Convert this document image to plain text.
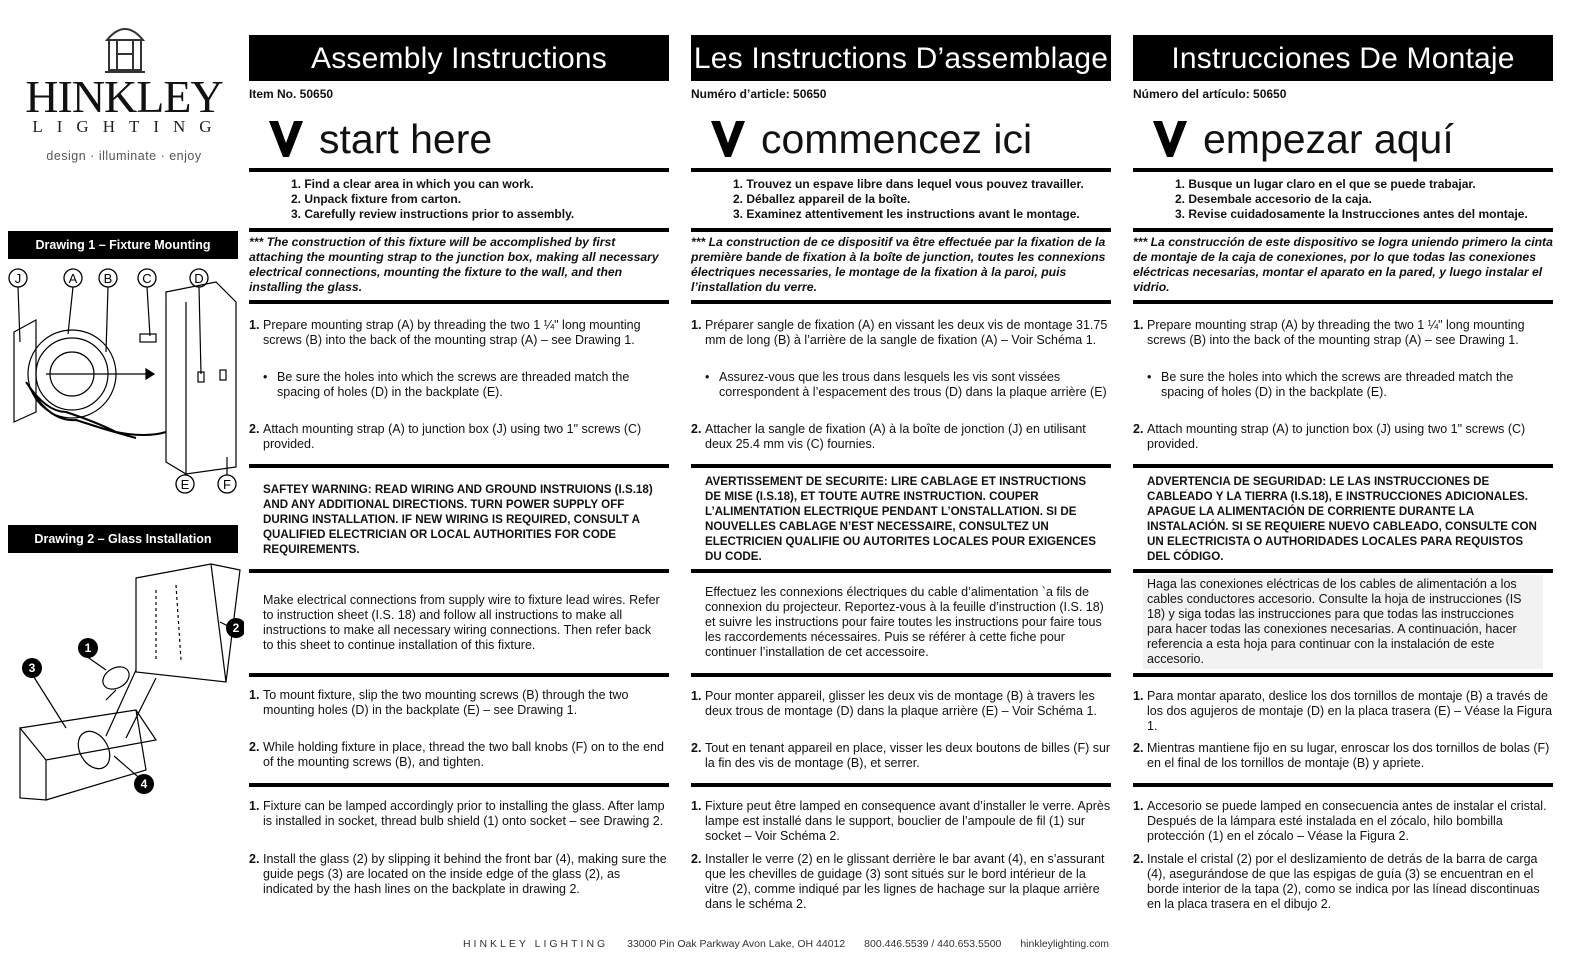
HINKLEY
LIGHTING
design · illuminate · enjoy
Drawing 1 – Fixture Mounting
J	A B C	D
E	F
Drawing 2 – Glass Installation
1
2
3
4
Assembly Instructions
Item No. 50650
start here
1. Find a clear area in which you can work.
2. Unpack fixture from carton.
3. Carefully review instructions prior to assembly.
*** The construction of this fixture will be accomplished by first attaching the mounting strap to the junction box, making all necessary electrical connections, mounting the fixture to the wall, and then installing the glass.
1. Prepare mounting strap (A) by threading the two 1 ¼" long mounting screws (B) into the back of the mounting strap (A) – see Drawing 1.
• Be sure the holes into which the screws are threaded match the spacing of holes (D) in the backplate (E).
2. Attach mounting strap (A) to junction box (J) using two 1" screws (C) provided.
SAFTEY WARNING: READ WIRING AND GROUND INSTRUIONS (I.S.18) AND ANY ADDITIONAL DIRECTIONS. TURN POWER SUPPLY OFF DURING INSTALLATION. IF NEW WIRING IS REQUIRED, CONSULT A QUALIFIED ELECTRICIAN OR LOCAL AUTHORITIES FOR CODE REQUIREMENTS.
Make electrical connections from supply wire to fixture lead wires. Refer to instruction sheet (I.S. 18) and follow all instructions to make all instructions to make all necessary wiring connections. Then refer back to this sheet to continue installation of this fixture.
1. To mount fixture, slip the two mounting screws (B) through the two mounting holes (D) in the backplate (E) – see Drawing 1.
2. While holding fixture in place, thread the two ball knobs (F) on to the end of the mounting screws (B), and tighten.
1. Fixture can be lamped accordingly prior to installing the glass. After lamp is installed in socket, thread bulb shield (1) onto socket – see Drawing 2.
2. Install the glass (2) by slipping it behind the front bar (4), making sure the guide pegs (3) are located on the inside edge of the glass (2), as indicated by the hash lines on the backplate in drawing 2.
Les Instructions D’assemblage
Numéro d’article: 50650
commencez ici
1. Trouvez un espave libre dans lequel vous pouvez travailler.
2. Déballez appareil de la boîte.
3. Examinez attentivement les instructions avant le montage.
*** La construction de ce dispositif va être effectuée par la fixation de la première bande de fixation à la boîte de junction, toutes les connexions électriques necessaries, le montage de la fixation à la paroi, puis l’installation du verre.
1. Préparer sangle de fixation (A) en vissant les deux vis de montage 31.75 mm de long (B) à l’arrière de la sangle de fixation (A) – Voir Schéma 1.
• Assurez-vous que les trous dans lesquels les vis sont vissées correspondent à l’espacement des trous (D) dans la plaque arrière (E)
2. Attacher la sangle de fixation (A) à la boîte de jonction (J) en utilisant deux 25.4 mm vis (C) fournies.
AVERTISSEMENT DE SECURITE: LIRE CABLAGE ET INSTRUCTIONS DE MISE (I.S.18), ET TOUTE AUTRE INSTRUCTION. COUPER L’ALIMENTATION ELECTRIQUE PENDANT L’ONSTALLATION. SI DE NOUVELLES CABLAGE N’EST NECESSAIRE, CONSULTEZ UN ELECTRICIEN QUALIFIE OU AUTORITES LOCALES POUR EXIGENCES DU CODE.
Effectuez les connexions électriques du cable d’alimentation `a fils de connexion du projecteur. Reportez-vous à la feuille d’instruction (I.S. 18) et suivre les instructions pour faire toutes les instructions pour faire tous les raccordements nécessaires. Puis se référer à cette fiche pour continuer l’installation de cet accessoire.
1. Pour monter appareil, glisser les deux vis de montage (B) à travers les deux trous de montage (D) dans la plaque arrière (E) – Voir Schéma 1.
2. Tout en tenant appareil en place, visser les deux boutons de billes (F) sur la fin des vis de montage (B), et serrer.
1. Fixture peut être lamped en consequence avant d’installer le verre. Après lampe est installé dans le support, bouclier de l’ampoule de fil (1) sur socket – Voir Schéma 2.
2. Installer le verre (2) en le glissant derrière le bar avant (4), en s’assurant que les chevilles de guidage (3) sont situés sur le bord intérieur de la vitre (2), comme indiqué par les lignes de hachage sur la plaque arrière dans le schéma 2.
Instrucciones De Montaje
Número del artículo: 50650
empezar aquí
1. Busque un lugar claro en el que se puede trabajar.
2. Desembale accesorio de la caja.
3. Revise cuidadosamente la Instrucciones antes del montaje.
*** La construcción de este dispositivo se logra uniendo primero la cinta de montaje de la caja de conexiones, por lo que todas las conexiones eléctricas necesarias, montar el aparato en la pared, y luego instalar el vidrio.
1. Prepare mounting strap (A) by threading the two 1 ¼" long mounting screws (B) into the back of the mounting strap (A) – see Drawing 1.
• Be sure the holes into which the screws are threaded match the spacing of holes (D) in the backplate (E).
2. Attach mounting strap (A) to junction box (J) using two 1" screws (C) provided.
ADVERTENCIA DE SEGURIDAD: LE LAS INSTRUCCIONES DE CABLEADO Y LA TIERRA (I.S.18), E INSTRUCCIONES ADICIONALES. APAGUE LA ALIMENTACIÓN DE CORRIENTE DURANTE LA INSTALACIÓN. SI SE REQUIERE NUEVO CABLEADO, CONSULTE CON UN ELECTRICISTA O AUTHORIDADES LOCALES PARA REQUISTOS DEL CÓDIGO.
Haga las conexiones eléctricas de los cables de alimentación a los cables conductores accesorio. Consulte la hoja de instrucciones (IS 18) y siga todas las instrucciones para que todas las instrucciones para hacer todas las conexiones necesarias. A continuación, hacer referencia a esta hoja para continuar con la instalación de este accesorio.
1. Para montar aparato, deslice los dos tornillos de montaje (B) a través de los dos agujeros de montaje (D) en la placa trasera (E) – Véase la Figura 1.
2. Mientras mantiene fijo en su lugar, enroscar los dos tornillos de bolas (F) en el final de los tornillos de montaje (B) y apriete.
1. Accesorio se puede lamped en consecuencia antes de instalar el cristal. Después de la lámpara esté instalada en el zócalo, hilo bombilla protección (1) en el zócalo – Véase la Figura 2.
2. Instale el cristal (2) por el deslizamiento de detrás de la barra de carga (4), asegurándose de que las espigas de guía (3) se encuentran en el borde interior de la tapa (2), como se indica por las línead discontinuas en la placa trasera en el dibujo 2.
HINKLEY LIGHTING 33000 Pin Oak Parkway Avon Lake, OH 44012 800.446.5539 / 440.653.5500 hinkleylighting.com
